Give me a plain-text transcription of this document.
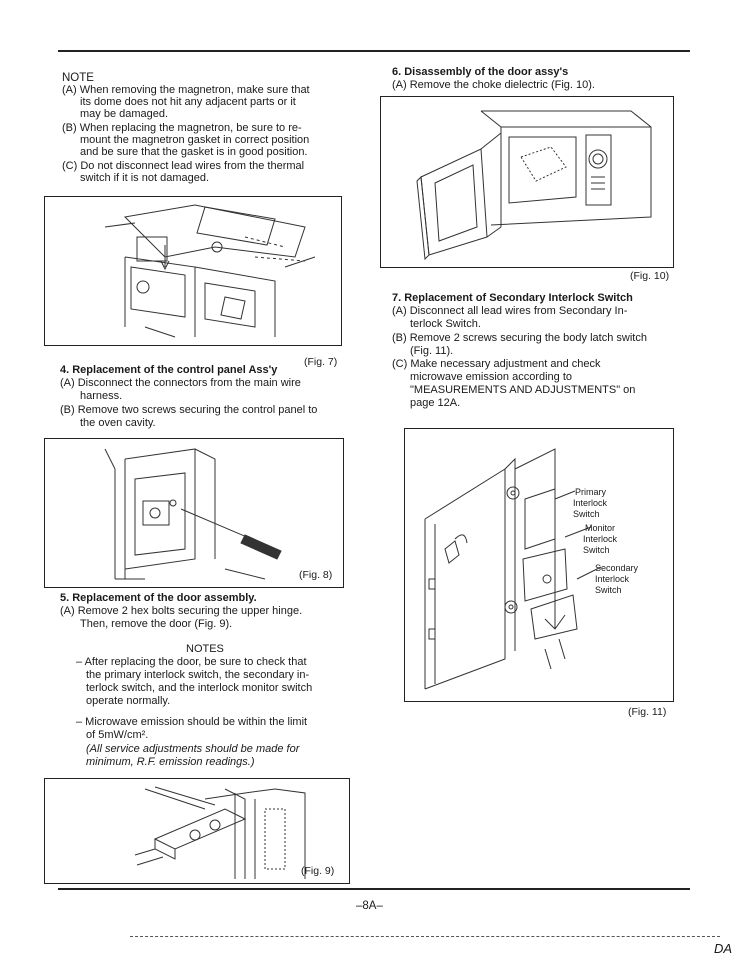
NOTE
(A) When removing the magnetron, make sure that
its dome does not hit any adjacent parts or it
may be damaged.
(B) When replacing the magnetron, be sure to re-
mount the magnetron gasket in correct position
and be sure that the gasket is in good position.
(C) Do not disconnect lead wires from the thermal
switch if it is not damaged.
(Fig. 7)
4. Replacement of the control panel Ass'y
(A) Disconnect the connectors from the main wire
harness.
(B) Remove two screws securing the control panel to
the oven cavity.
(Fig. 8)
5. Replacement of the door assembly.
(A) Remove 2 hex bolts securing the upper hinge.
Then, remove the door (Fig. 9).
NOTES
– After replacing the door, be sure to check that
the primary interlock switch, the secondary in-
terlock switch, and the interlock monitor switch
operate normally.
– Microwave emission should be within the limit
of 5mW/cm².
(All service adjustments should be made for
minimum, R.F. emission readings.)
(Fig. 9)
6. Disassembly of the door assy's
(A) Remove the choke dielectric (Fig. 10).
(Fig. 10)
7. Replacement of Secondary Interlock Switch
(A) Disconnect all lead wires from Secondary In-
terlock Switch.
(B) Remove 2 screws securing the body latch switch
(Fig. 11).
(C) Make necessary adjustment and check
microwave emission according to
"MEASUREMENTS AND ADJUSTMENTS" on
page 12A.
Primary
Interlock
Switch
Monitor
Interlock
Switch
Secondary
Interlock
Switch
(Fig. 11)
–8A–
DA
